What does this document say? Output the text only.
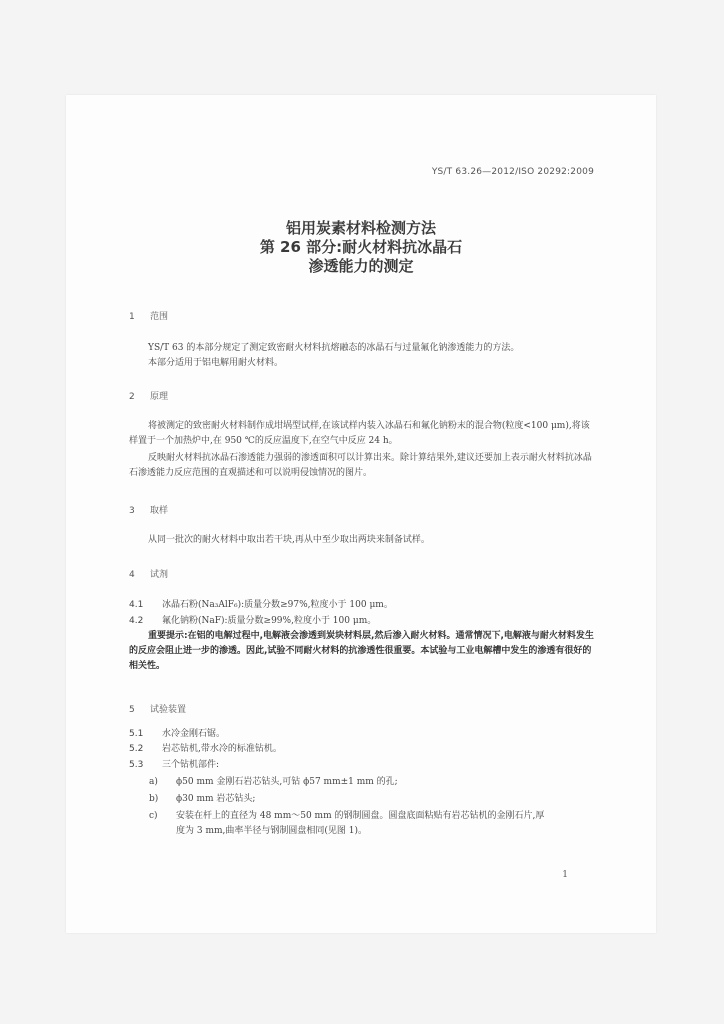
YS/T 63.26—2012/ISO 20292:2009
铝用炭素材料检测方法
第 26 部分:耐火材料抗冰晶石
渗透能力的测定
1 范围

YS/T 63 的本部分规定了测定致密耐火材料抗熔融态的冰晶石与过量氟化钠渗透能力的方法。

本部分适用于铝电解用耐火材料。

2 原理

将被测定的致密耐火材料制作成坩埚型试样,在该试样内装入冰晶石和氟化钠粉末的混合物(粒度<100 μm),将该样置于一个加热炉中,在 950 ℃的反应温度下,在空气中反应 24 h。

反映耐火材料抗冰晶石渗透能力强弱的渗透面积可以计算出来。除计算结果外,建议还要加上表示耐火材料抗冰晶石渗透能力反应范围的直观描述和可以说明侵蚀情况的图片。

3 取样

从同一批次的耐火材料中取出若干块,再从中至少取出两块来制备试样。

4 试剂
4.1 冰晶石粉(Na₃AlF₆):质量分数≥97%,粒度小于 100 μm。
4.2 氟化钠粉(NaF):质量分数≥99%,粒度小于 100 μm。

重要提示:在铝的电解过程中,电解液会渗透到炭块材料层,然后渗入耐火材料。通常情况下,电解液与耐火材料发生的反应会阻止进一步的渗透。因此,试验不同耐火材料的抗渗透性很重要。本试验与工业电解槽中发生的渗透有很好的相关性。

5 试验装置
5.1 水冷金刚石锯。
5.2 岩芯钻机,带水冷的标准钻机。
5.3 三个钻机部件:
a) ϕ50 mm 金刚石岩芯钻头,可钻 ϕ57 mm±1 mm 的孔;
b) ϕ30 mm 岩芯钻头;
c) 安装在杆上的直径为 48 mm～50 mm 的钢制圆盘。圆盘底面粘贴有岩芯钻机的金刚石片,厚
度为 3 mm,曲率半径与钢制圆盘相同(见图 1)。
1
